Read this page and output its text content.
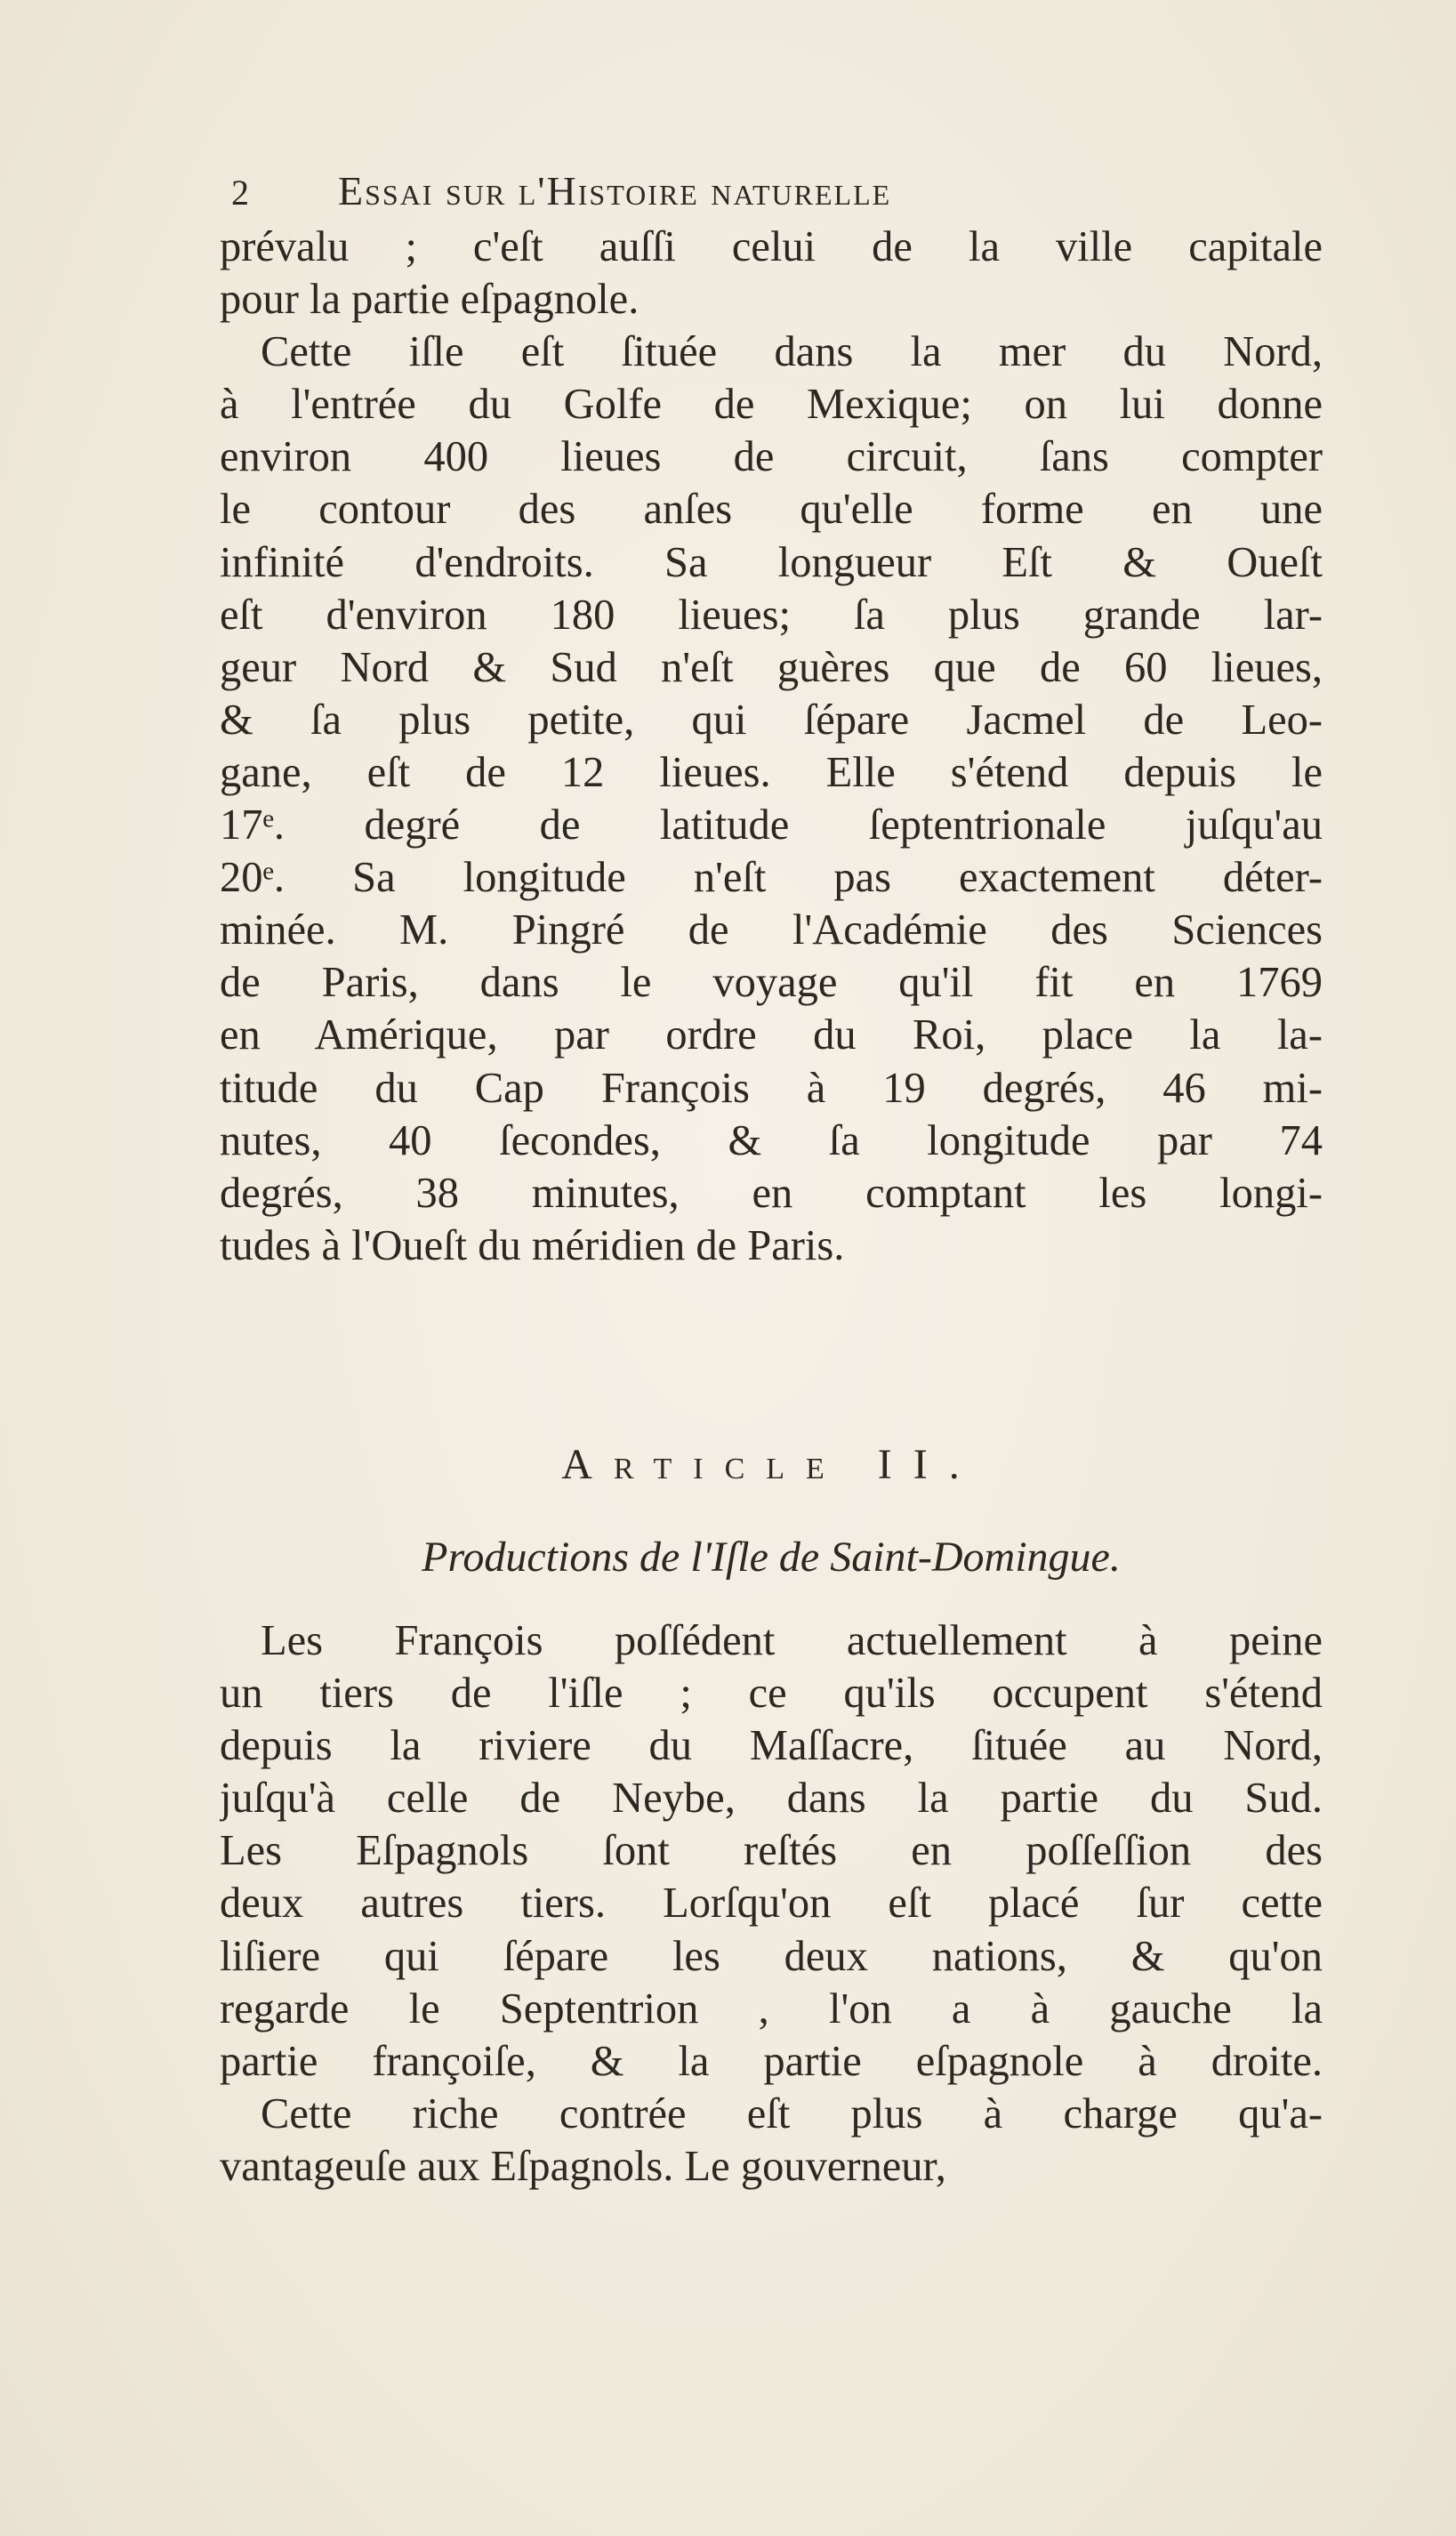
2 Essai sur l'Histoire naturelle
prévalu ; c'eſt auſſi celui de la ville capitale
pour la partie eſpagnole.
Cette iſle eſt ſituée dans la mer du Nord,
à l'entrée du Golfe de Mexique; on lui donne
environ 400 lieues de circuit, ſans compter
le contour des anſes qu'elle forme en une
infinité d'endroits. Sa longueur Eſt & Oueſt
eſt d'environ 180 lieues; ſa plus grande lar-
geur Nord & Sud n'eſt guères que de 60 lieues,
& ſa plus petite, qui ſépare Jacmel de Leo-
gane, eſt de 12 lieues. Elle s'étend depuis le
17ᵉ. degré de latitude ſeptentrionale juſqu'au
20ᵉ. Sa longitude n'eſt pas exactement déter-
minée. M. Pingré de l'Académie des Sciences
de Paris, dans le voyage qu'il fit en 1769
en Amérique, par ordre du Roi, place la la-
titude du Cap François à 19 degrés, 46 mi-
nutes, 40 ſecondes, & ſa longitude par 74
degrés, 38 minutes, en comptant les longi-
tudes à l'Oueſt du méridien de Paris.
Article II.
Productions de l'Iſle de Saint-Domingue.
Les François poſſédent actuellement à peine
un tiers de l'iſle ; ce qu'ils occupent s'étend
depuis la riviere du Maſſacre, ſituée au Nord,
juſqu'à celle de Neybe, dans la partie du Sud.
Les Eſpagnols ſont reſtés en poſſeſſion des
deux autres tiers. Lorſqu'on eſt placé ſur cette
liſiere qui ſépare les deux nations, & qu'on
regarde le Septentrion , l'on a à gauche la
partie françoiſe, & la partie eſpagnole à droite.
Cette riche contrée eſt plus à charge qu'a-
vantageuſe aux Eſpagnols. Le gouverneur,
